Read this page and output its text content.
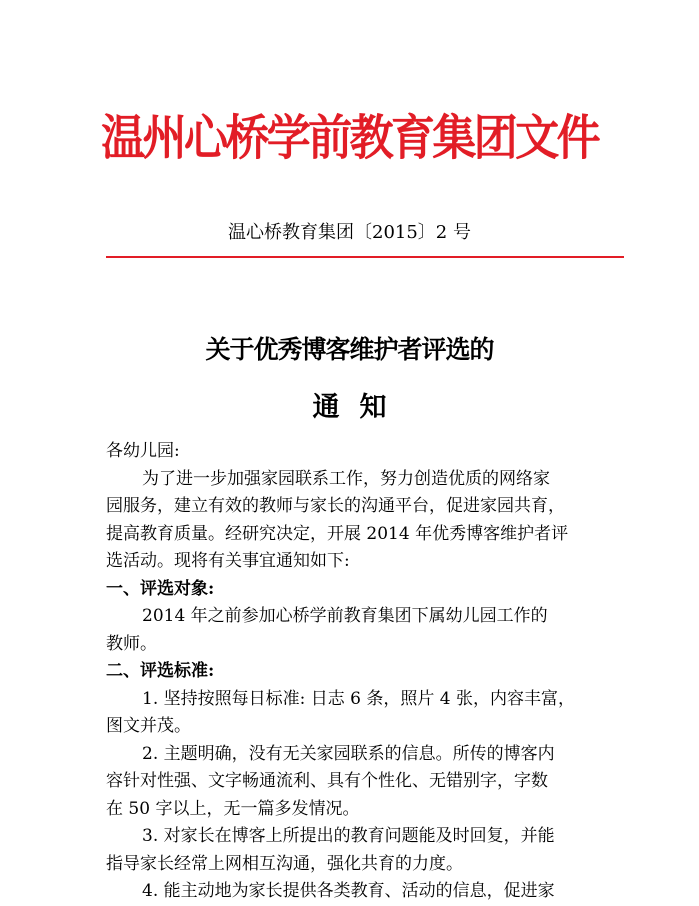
温州心桥学前教育集团文件
温心桥教育集团〔2015〕2 号
关于优秀博客维护者评选的
通知

各幼儿园:

为了进一步加强家园联系工作，努力创造优质的网络家

园服务，建立有效的教师与家长的沟通平台，促进家园共育，

提高教育质量。经研究决定，开展 2014 年优秀博客维护者评

选活动。现将有关事宜通知如下:

一、评选对象:

2014 年之前参加心桥学前教育集团下属幼儿园工作的

教师。

二、评选标准:

1. 坚持按照每日标准: 日志 6 条，照片 4 张，内容丰富，

图文并茂。

2. 主题明确，没有无关家园联系的信息。所传的博客内

容针对性强、文字畅通流利、具有个性化、无错别字，字数

在 50 字以上，无一篇多发情况。

3. 对家长在博客上所提出的教育问题能及时回复，并能

指导家长经常上网相互沟通，强化共育的力度。

4. 能主动地为家长提供各类教育、活动的信息，促进家
